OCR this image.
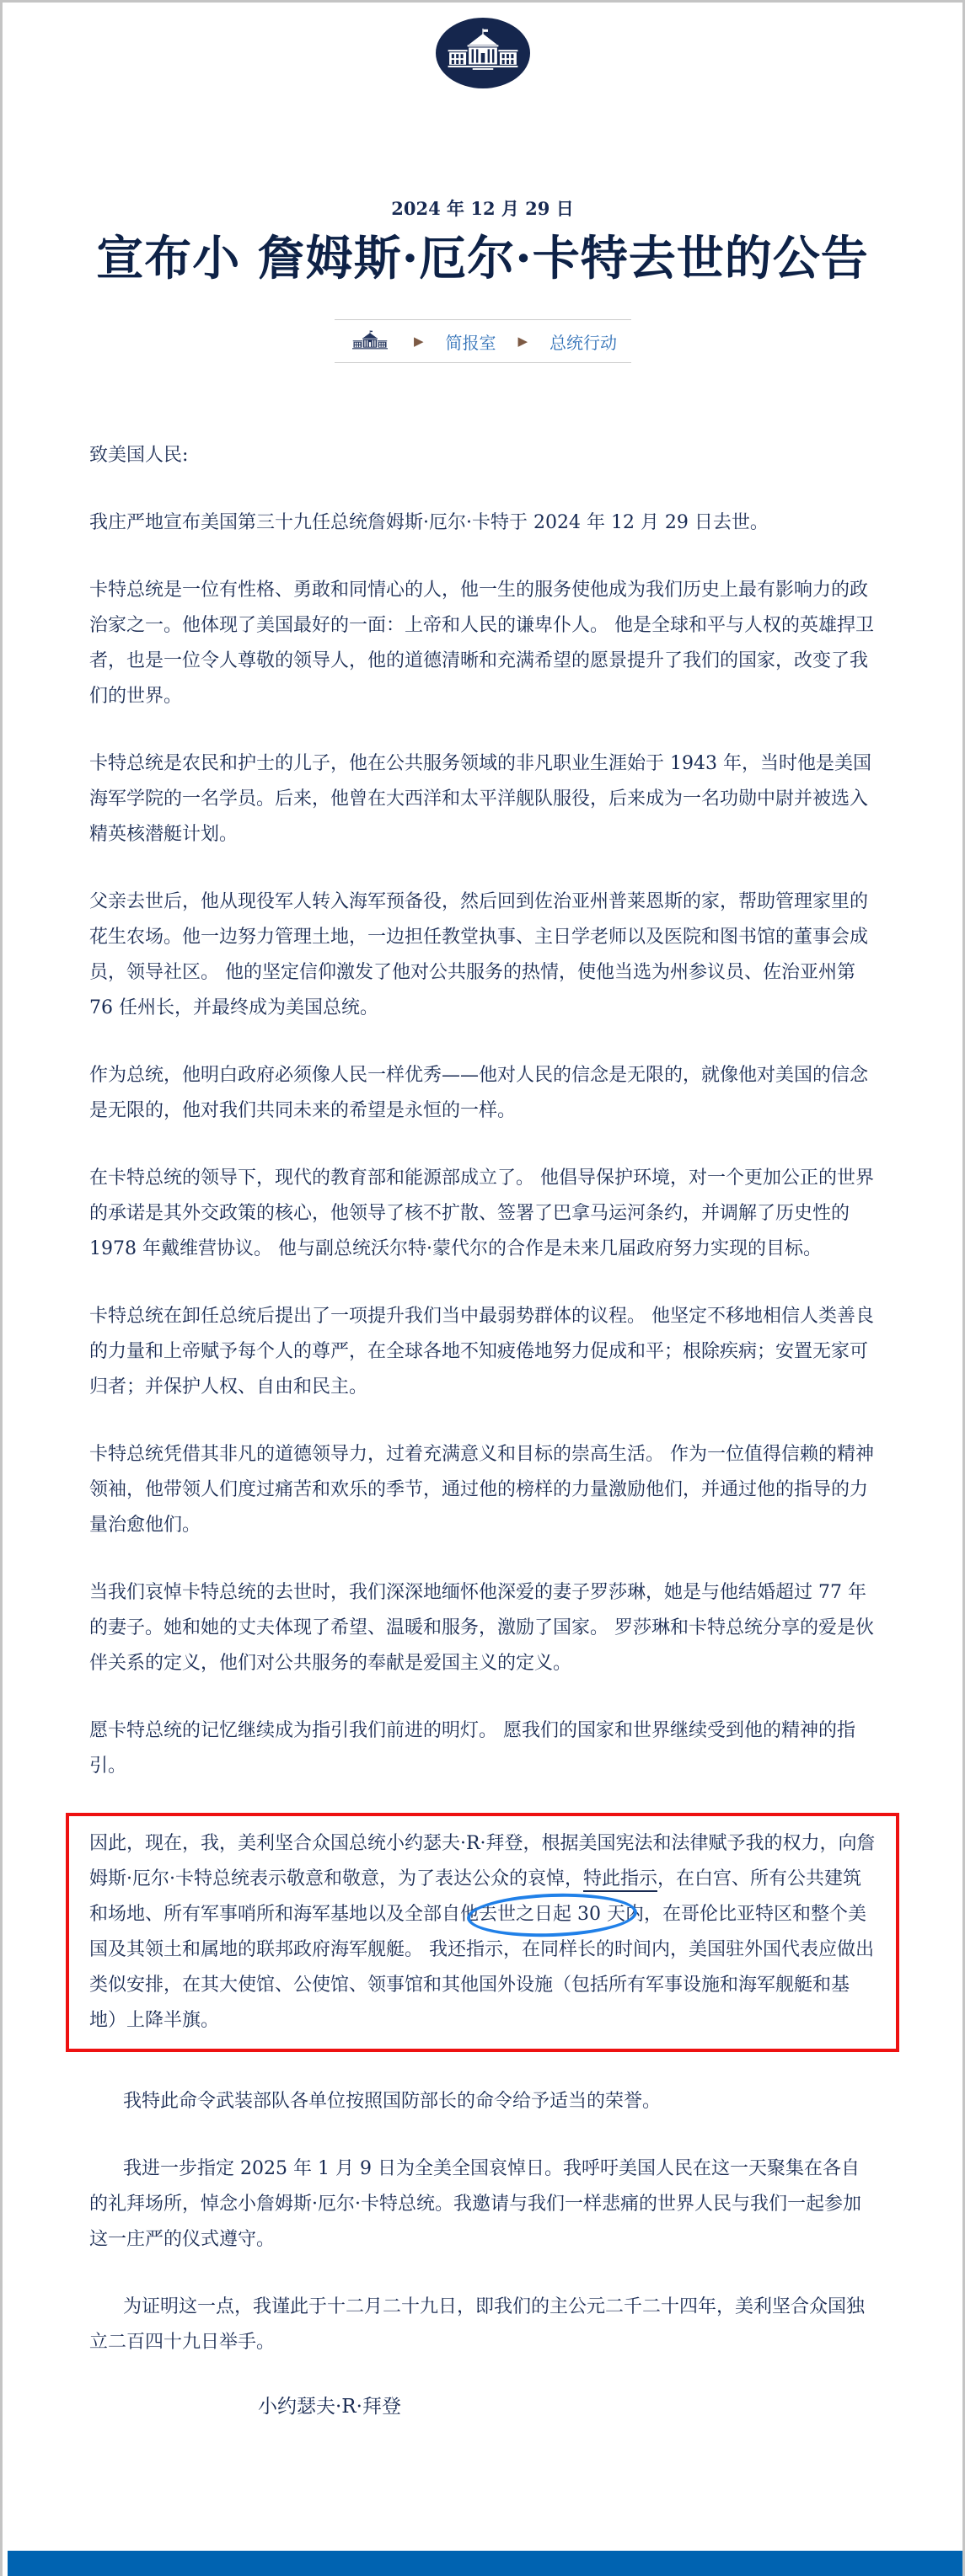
2024 年 12 月 29 日
宣布小 詹姆斯·厄尔·卡特去世的公告
▶ 简报室 ▶ 总统行动

致美国人民:

我庄严地宣布美国第三十九任总统詹姆斯·厄尔·卡特于 2024 年 12 月 29 日去世。

卡特总统是一位有性格、勇敢和同情心的人，他一生的服务使他成为我们历史上最有影响力的政治家之一。他体现了美国最好的一面：上帝和人民的谦卑仆人。 他是全球和平与人权的英雄捍卫者，也是一位令人尊敬的领导人，他的道德清晰和充满希望的愿景提升了我们的国家，改变了我们的世界。

卡特总统是农民和护士的儿子，他在公共服务领域的非凡职业生涯始于 1943 年，当时他是美国海军学院的一名学员。后来，他曾在大西洋和太平洋舰队服役，后来成为一名功勋中尉并被选入精英核潜艇计划。

父亲去世后，他从现役军人转入海军预备役，然后回到佐治亚州普莱恩斯的家，帮助管理家里的花生农场。他一边努力管理土地，一边担任教堂执事、主日学老师以及医院和图书馆的董事会成员，领导社区。 他的坚定信仰激发了他对公共服务的热情，使他当选为州参议员、佐治亚州第 76 任州长，并最终成为美国总统。

作为总统，他明白政府必须像人民一样优秀——他对人民的信念是无限的，就像他对美国的信念是无限的，他对我们共同未来的希望是永恒的一样。

在卡特总统的领导下，现代的教育部和能源部成立了。 他倡导保护环境，对一个更加公正的世界的承诺是其外交政策的核心，他领导了核不扩散、签署了巴拿马运河条约，并调解了历史性的 1978 年戴维营协议。 他与副总统沃尔特·蒙代尔的合作是未来几届政府努力实现的目标。

卡特总统在卸任总统后提出了一项提升我们当中最弱势群体的议程。 他坚定不移地相信人类善良的力量和上帝赋予每个人的尊严，在全球各地不知疲倦地努力促成和平；根除疾病；安置无家可归者；并保护人权、自由和民主。

卡特总统凭借其非凡的道德领导力，过着充满意义和目标的崇高生活。 作为一位值得信赖的精神领袖，他带领人们度过痛苦和欢乐的季节，通过他的榜样的力量激励他们，并通过他的指导的力量治愈他们。

当我们哀悼卡特总统的去世时，我们深深地缅怀他深爱的妻子罗莎琳，她是与他结婚超过 77 年的妻子。她和她的丈夫体现了希望、温暖和服务，激励了国家。 罗莎琳和卡特总统分享的爱是伙伴关系的定义，他们对公共服务的奉献是爱国主义的定义。

愿卡特总统的记忆继续成为指引我们前进的明灯。 愿我们的国家和世界继续受到他的精神的指引。

因此，现在，我，美利坚合众国总统小约瑟夫·R·拜登，根据美国宪法和法律赋予我的权力，向詹姆斯·厄尔·卡特总统表示敬意和敬意，为了表达公众的哀悼，特此指示，在白宫、所有公共建筑和场地、所有军事哨所和海军基地以及全部自他去世之日起 30 天内，在哥伦比亚特区和整个美国及其领土和属地的联邦政府海军舰艇。 我还指示，在同样长的时间内，美国驻外国代表应做出类似安排，在其大使馆、公使馆、领事馆和其他国外设施（包括所有军事设施和海军舰艇和基地）上降半旗。

我特此命令武装部队各单位按照国防部长的命令给予适当的荣誉。

我进一步指定 2025 年 1 月 9 日为全美全国哀悼日。我呼吁美国人民在这一天聚集在各自的礼拜场所，悼念小詹姆斯·厄尔·卡特总统。我邀请与我们一样悲痛的世界人民与我们一起参加这一庄严的仪式遵守。

为证明这一点，我谨此于十二月二十九日，即我们的主公元二千二十四年，美利坚合众国独立二百四十九日举手。

小约瑟夫·R·拜登
